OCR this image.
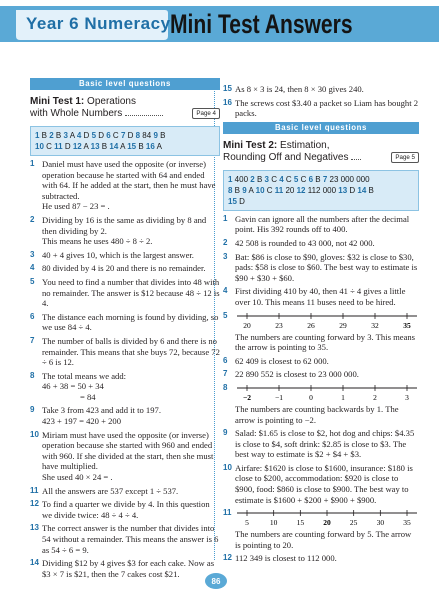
Year 6 Numeracy Mini Test Answers
Basic level questions
Mini Test 1: Operations
with Whole Numbers	Page 4
1 B 2 B 3 A 4 D 5 D 6 C 7 D 8 84 9 B
10 C 11 D 12 A 13 B 14 A 15 B 16 A
1 Daniel must have used the opposite (or inverse) operation because he started with 64 and ended with 64. If he added at the start, then he must have subtracted.
He used 87 − 23 = .
2 Dividing by 16 is the same as dividing by 8 and then dividing by 2.
This means he uses 480 ÷ 8 ÷ 2.
3 40 + 4 gives 10, which is the largest answer.
4 80 divided by 4 is 20 and there is no remainder.
5 You need to find a number that divides into 48 with no remainder. The answer is $12 because 48 ÷ 12 is 4.
6 The distance each morning is found by dividing, so we use 84 ÷ 4.
7 The number of balls is divided by 6 and there is no remainder. This means that she buys 72, because 72 ÷ 6 is 12.
8 The total means we add:
46 + 38 = 50 + 34
= 84
9 Take 3 from 423 and add it to 197.
423 + 197 = 420 + 200
10 Miriam must have used the opposite (or inverse) operation because she started with 960 and ended with 960. If she divided at the start, then she must have multiplied.
She used 40 × 24 = .
11 All the answers are 537 except 1 ÷ 537.
12 To find a quarter we divide by 4. In this question we divide twice: 48 ÷ 4 ÷ 4.
13 The correct answer is the number that divides into 54 without a remainder. This means the answer is 6 as 54 ÷ 6 = 9.
14 Dividing $12 by 4 gives $3 for each cake. Now as $3 × 7 is $21, then the 7 cakes cost $21.
15 As 8 × 3 is 24, then 8 × 30 gives 240.
16 The screws cost $3.40 a packet so Liam has bought 2 packs.
Basic level questions
Mini Test 2: Estimation,
Rounding Off and Negatives	Page 5
1 400 2 B 3 C 4 C 5 C 6 B 7 23 000 000
8 B 9 A 10 C 11 20 12 112 000 13 D 14 B
15 D
1 Gavin can ignore all the numbers after the decimal point. His 392 rounds off to 400.
2 42 508 is rounded to 43 000, not 42 000.
3 Bat: $86 is close to $90, gloves: $32 is close to $30, pads: $58 is close to $60. The best way to estimate is $90 + $30 + $60.
4 First dividing 410 by 40, then 41 ÷ 4 gives a little over 10. This means 11 buses need to be hired.
5
20	23	26	29	32	35
The numbers are counting forward by 3. This means the arrow is pointing to 35.
6 62 409 is closest to 62 000.
7 22 890 552 is closest to 23 000 000.
8
−2	−1	0	1	2	3
The numbers are counting backwards by 1. The arrow is pointing to −2.
9 Salad: $1.65 is close to $2, hot dog and chips: $4.35 is close to $4, soft drink: $2.85 is close to $3. The best way to estimate is $2 + $4 + $3.
10 Airfare: $1620 is close to $1600, insurance: $180 is close to $200, accommodation: $920 is close to $900, food: $860 is close to $900. The best way to estimate is $1600 + $200 + $900 + $900.
11
5	10	15	20	25	30	35
The numbers are counting forward by 5. The arrow is pointing to 20.
12 112 349 is closest to 112 000.
86
